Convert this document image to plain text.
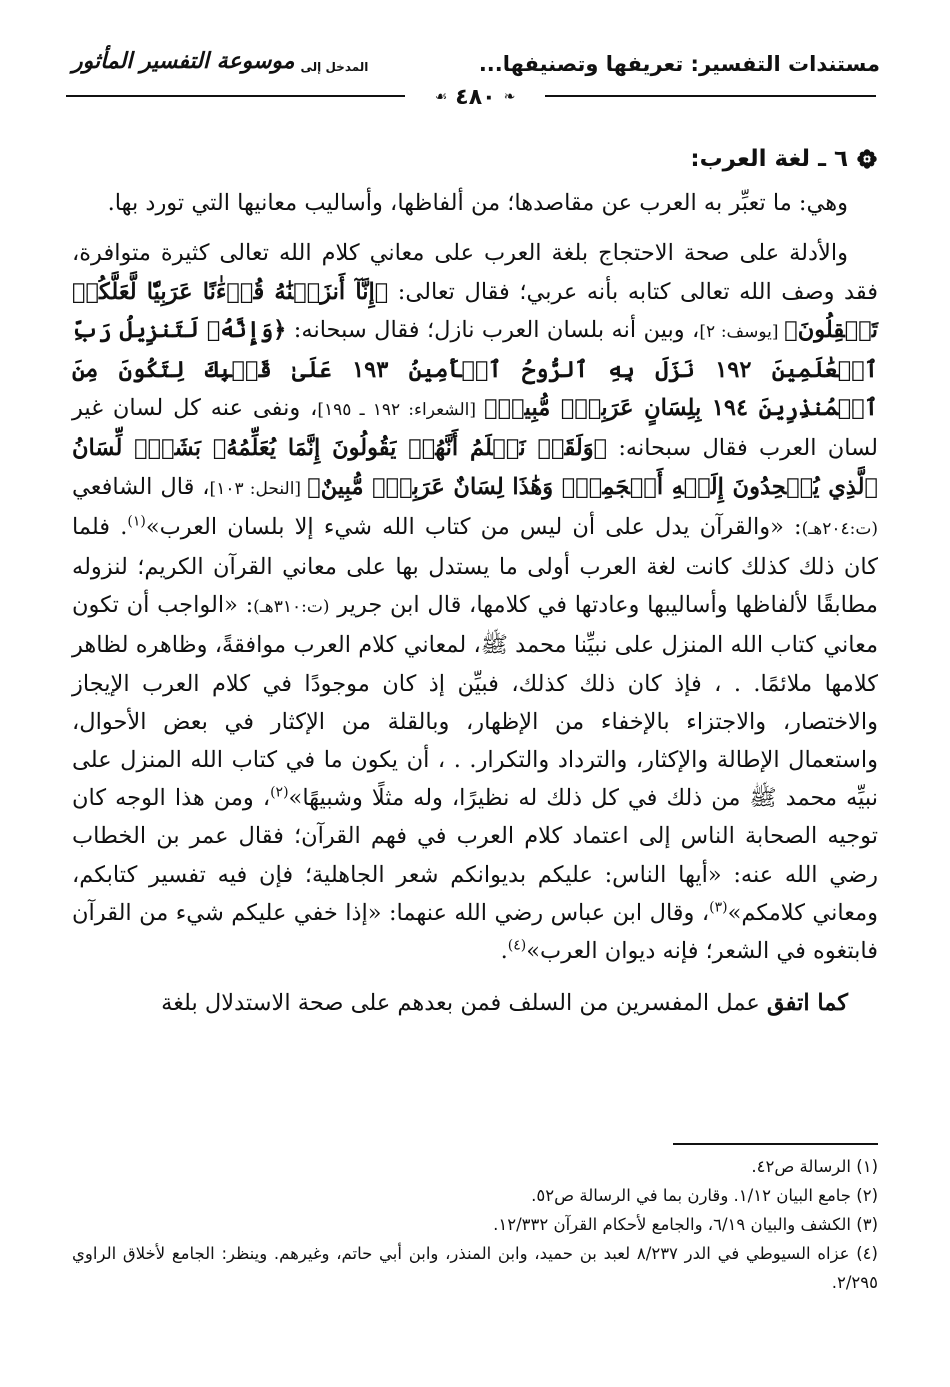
مستندات التفسير: تعريفها وتصنيفها...
المدخل إلى
موسوعة التفسير المأثور
❧
٤٨٠
☙
٦ ـ لغة العرب:

وهي: ما تعبِّر به العرب عن مقاصدها؛ من ألفاظها، وأساليب معانيها التي تورد بها.

والأدلة على صحة الاحتجاج بلغة العرب على معاني كلام الله تعالى كثيرة متوافرة، فقد وصف الله تعالى كتابه بأنه عربي؛ فقال تعالى: ﴿إِنَّآ أَنزَلۡنَٰهُ قُرۡءَٰنًا عَرَبِيّٗا لَّعَلَّكُمۡ تَعۡقِلُونَ﴾ [يوسف: ٢]، وبين أنه بلسان العرب نازل؛ فقال سبحانه: ﴿وَإِنَّهُۥ لَتَنزِيلُ رَبِّ ٱلۡعَٰلَمِينَ ١٩٢ نَزَلَ بِهِ ٱلرُّوحُ ٱلۡأَمِينُ ١٩٣ عَلَىٰ قَلۡبِكَ لِتَكُونَ مِنَ ٱلۡمُنذِرِينَ ١٩٤ بِلِسَانٍ عَرَبِيّٖ مُّبِينٖ﴾ [الشعراء: ١٩٢ ـ ١٩٥]، ونفى عنه كل لسان غير لسان العرب فقال سبحانه: ﴿وَلَقَدۡ نَعۡلَمُ أَنَّهُمۡ يَقُولُونَ إِنَّمَا يُعَلِّمُهُۥ بَشَرٞۗ لِّسَانُ ٱلَّذِي يُلۡحِدُونَ إِلَيۡهِ أَعۡجَمِيّٞ وَهَٰذَا لِسَانٌ عَرَبِيّٞ مُّبِينٌ﴾ [النحل: ١٠٣]، قال الشافعي (ت:٢٠٤هـ): «والقرآن يدل على أن ليس من كتاب الله شيء إلا بلسان العرب»$^{(١)}$. فلما كان ذلك كذلك كانت لغة العرب أولى ما يستدل بها على معاني القرآن الكريم؛ لنزوله مطابقًا لألفاظها وأساليبها وعادتها في كلامها، قال ابن جرير (ت:٣١٠هـ): «الواجب أن تكون معاني كتاب الله المنزل على نبيِّنا محمد ﷺ، لمعاني كلام العرب موافقةً، وظاهره لظاهر كلامها ملائمًا. . ، فإذ كان ذلك كذلك، فبيِّن إذ كان موجودًا في كلام العرب الإيجاز والاختصار، والاجتزاء بالإخفاء من الإظهار، وبالقلة من الإكثار في بعض الأحوال، واستعمال الإطالة والإكثار، والترداد والتكرار. . ، أن يكون ما في كتاب الله المنزل على نبيِّه محمد ﷺ من ذلك في كل ذلك له نظيرًا، وله مثلًا وشبيهًا»$^{(٢)}$، ومن هذا الوجه كان توجيه الصحابة الناس إلى اعتماد كلام العرب في فهم القرآن؛ فقال عمر بن الخطاب رضي الله عنه: «أيها الناس: عليكم بديوانكم شعر الجاهلية؛ فإن فيه تفسير كتابكم، ومعاني كلامكم»$^{(٣)}$، وقال ابن عباس رضي الله عنهما: «إذا خفي عليكم شيء من القرآن فابتغوه في الشعر؛ فإنه ديوان العرب»$^{(٤)}$.

كما اتفق عمل المفسرين من السلف فمن بعدهم على صحة الاستدلال بلغة

(١) الرسالة ص٤٢.

(٢) جامع البيان ١/١٢. وقارن بما في الرسالة ص٥٢.

(٣) الكشف والبيان ٦/١٩، والجامع لأحكام القرآن ١٢/٣٣٢.

(٤) عزاه السيوطي في الدر ٨/٢٣٧ لعبد بن حميد، وابن المنذر، وابن أبي حاتم، وغيرهم. وينظر: الجامع لأخلاق الراوي ٢/٢٩٥.
